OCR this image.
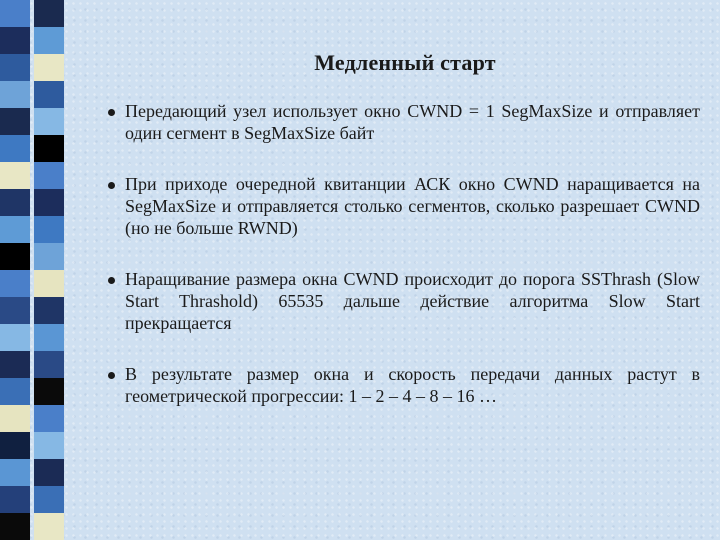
Медленный старт
Передающий узел использует окно CWND = 1 SegMaxSize и отправляет один сегмент в SegMaxSize байт
При приходе очередной квитанции АСК окно CWND наращивается на SegMaxSize и отправляется столько сегментов, сколько разрешает CWND (но не больше RWND)
Наращивание размера окна CWND происходит до порога SSThrash (Slow Start Thrashold) 65535 дальше действие алгоритма Slow Start прекращается
В результате размер окна и скорость передачи данных растут в геометрической прогрессии: 1 – 2 – 4 – 8 – 16 …
